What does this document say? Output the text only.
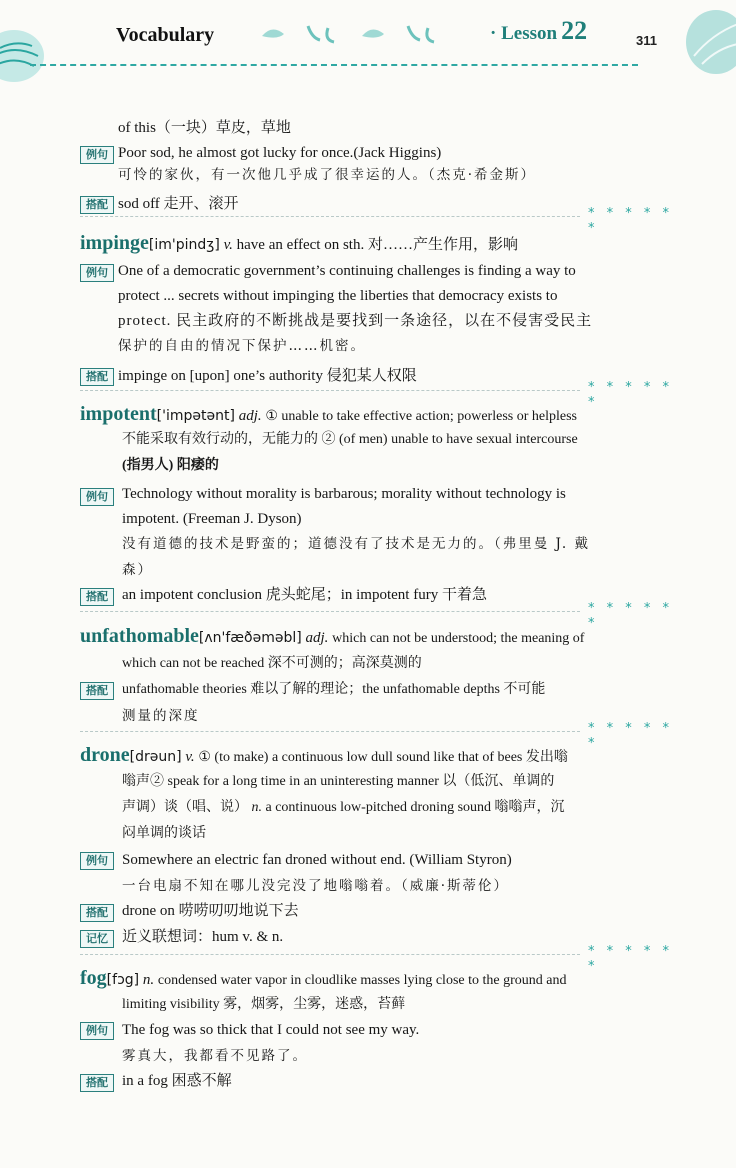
Vocabulary	· Lesson 22	311
of this（一块）草皮，草地
例句 Poor sod, he almost got lucky for once.(Jack Higgins)
可怜的家伙，有一次他几乎成了很幸运的人。（杰克·希金斯）
搭配 sod off 走开、滚开
* * * * * *
impinge[im'pindʒ] v. have an effect on sth. 对……产生作用，影响
例句 One of a democratic government’s continuing challenges is finding a way to
protect ... secrets without impinging the liberties that democracy exists to
protect. 民主政府的不断挑战是要找到一条途径，以在不侵害受民主
保护的自由的情况下保护……机密。
搭配 impinge on [upon] one’s authority 侵犯某人权限
* * * * * *
impotent['impətənt] adj. ① unable to take effective action; powerless or helpless
不能采取有效行动的，无能力的 ② (of men) unable to have sexual intercourse
(指男人) 阳痿的
例句 Technology without morality is barbarous; morality without technology is
impotent. (Freeman J. Dyson)
没有道德的技术是野蛮的；道德没有了技术是无力的。（弗里曼 J. 戴
森）
搭配 an impotent conclusion 虎头蛇尾；in impotent fury 干着急
* * * * * *
unfathomable[ʌn'fæðəməbl] adj. which can not be understood; the meaning of
which can not be reached 深不可测的；高深莫测的
搭配	unfathomable theories 难以了解的理论；the unfathomable depths 不可能
测量的深度
* * * * * *
drone[drəun] v. ① (to make) a continuous low dull sound like that of bees 发出嗡
嗡声② speak for a long time in an uninteresting manner 以（低沉、单调的
声调）谈（唱、说） n. a continuous low-pitched droning sound 嗡嗡声，沉
闷单调的谈话
例句 Somewhere an electric fan droned without end. (William Styron)
一台电扇不知在哪儿没完没了地嗡嗡着。（威廉·斯蒂伦）
搭配 drone on 唠唠叨叨地说下去
记忆 近义联想词：hum v. & n.
* * * * * *
fog[fɔg] n. condensed water vapor in cloudlike masses lying close to the ground and
limiting visibility 雾，烟雾，尘雾，迷惑，苔藓
例句 The fog was so thick that I could not see my way.
雾真大，我都看不见路了。
搭配 in a fog 困惑不解
